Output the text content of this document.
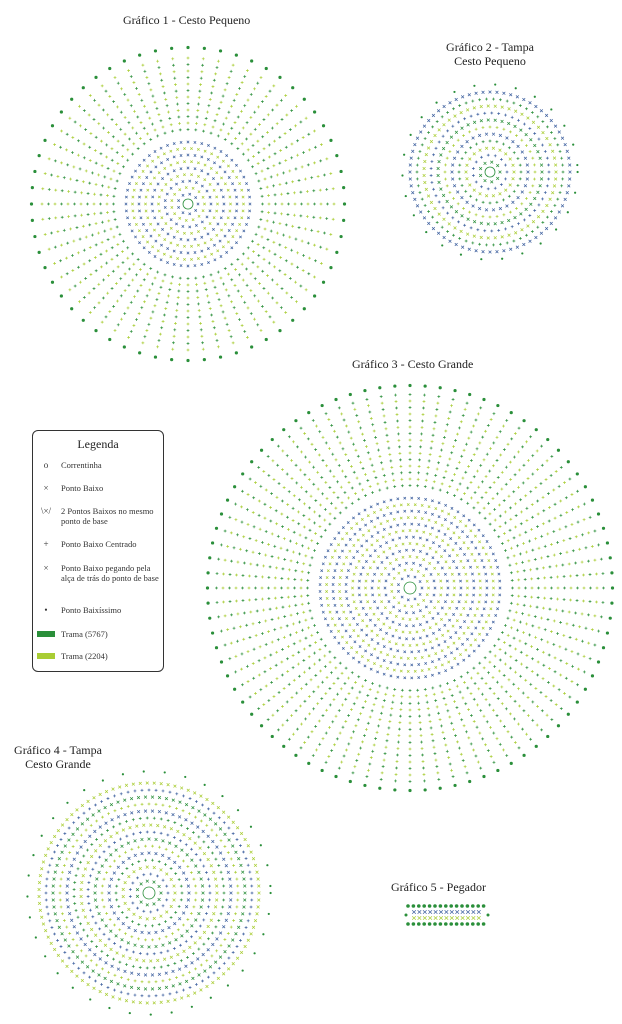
Gráfico 1 - Cesto Pequeno
Gráfico 2 - Tampa
Cesto Pequeno
Gráfico 3 - Cesto Grande
Gráfico 4 - Tampa
Cesto Grande
Gráfico 5 - Pegador
Legenda
o	Correntinha
×	Ponto Baixo
\×/	2 Pontos Baixos no mesmo ponto de base
+	Ponto Baixo Centrado
×	Ponto Baixo pegando pela alça de trás do ponto de base
•	Ponto Baixíssimo
Trama (5767)
Trama (2204)
